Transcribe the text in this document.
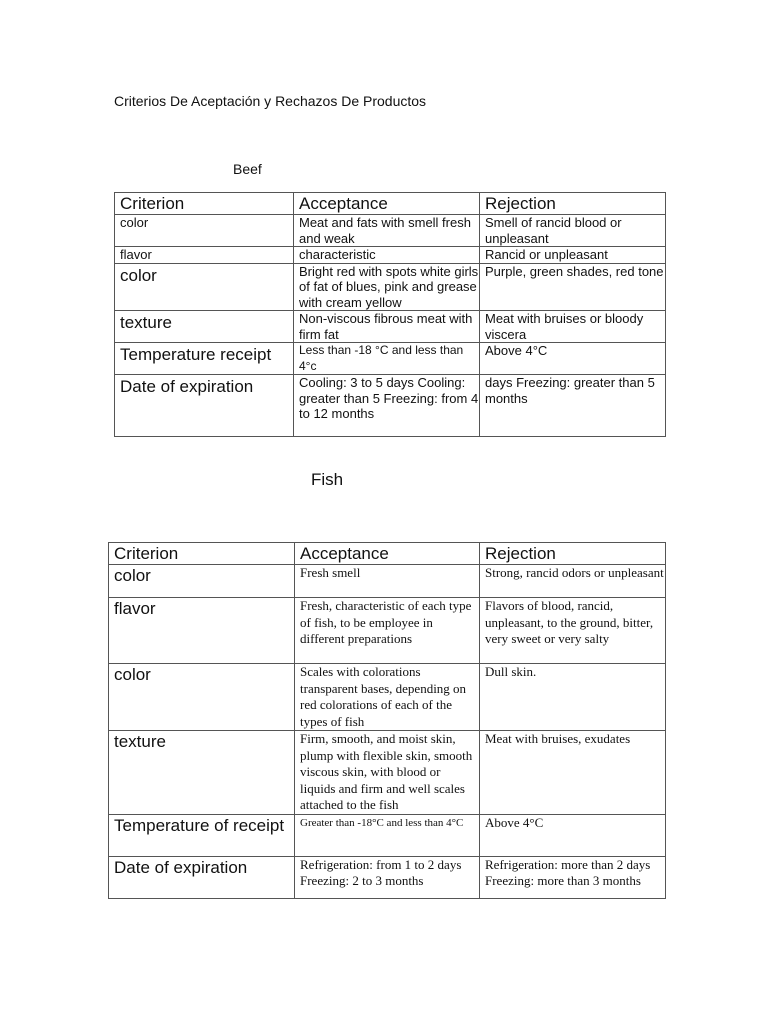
Criterios De Aceptación y Rechazos De Productos
Beef
Criterion	Acceptance	Rejection
color	Meat and fats with smell fresh and weak	Smell of rancid blood or unpleasant
flavor	characteristic	Rancid or unpleasant
color	Bright red with spots white girls of fat of blues, pink and grease with cream yellow	Purple, green shades, red tone
texture	Non-viscous fibrous meat with firm fat	Meat with bruises or bloody viscera
Temperature receipt	Less than -18 °C and less than 4°c	Above 4°C
Date of expiration	Cooling: 3 to 5 days Cooling: greater than 5 Freezing: from 4 to 12 months	days Freezing: greater than 5 months
Fish
Criterion	Acceptance	Rejection
color	Fresh smell	Strong, rancid odors or unpleasant
flavor	Fresh, characteristic of each type of fish, to be employee in different preparations	Flavors of blood, rancid, unpleasant, to the ground, bitter, very sweet or very salty
color	Scales with colorations transparent bases, depending on red colorations of each of the types of fish	Dull skin.
texture	Firm, smooth, and moist skin, plump with flexible skin, smooth viscous skin, with blood or liquids and firm and well scales attached to the fish	Meat with bruises, exudates
Temperature of receipt	Greater than -18°C and less than 4°C	Above 4°C
Date of expiration	Refrigeration: from 1 to 2 days Freezing: 2 to 3 months	Refrigeration: more than 2 days Freezing: more than 3 months
